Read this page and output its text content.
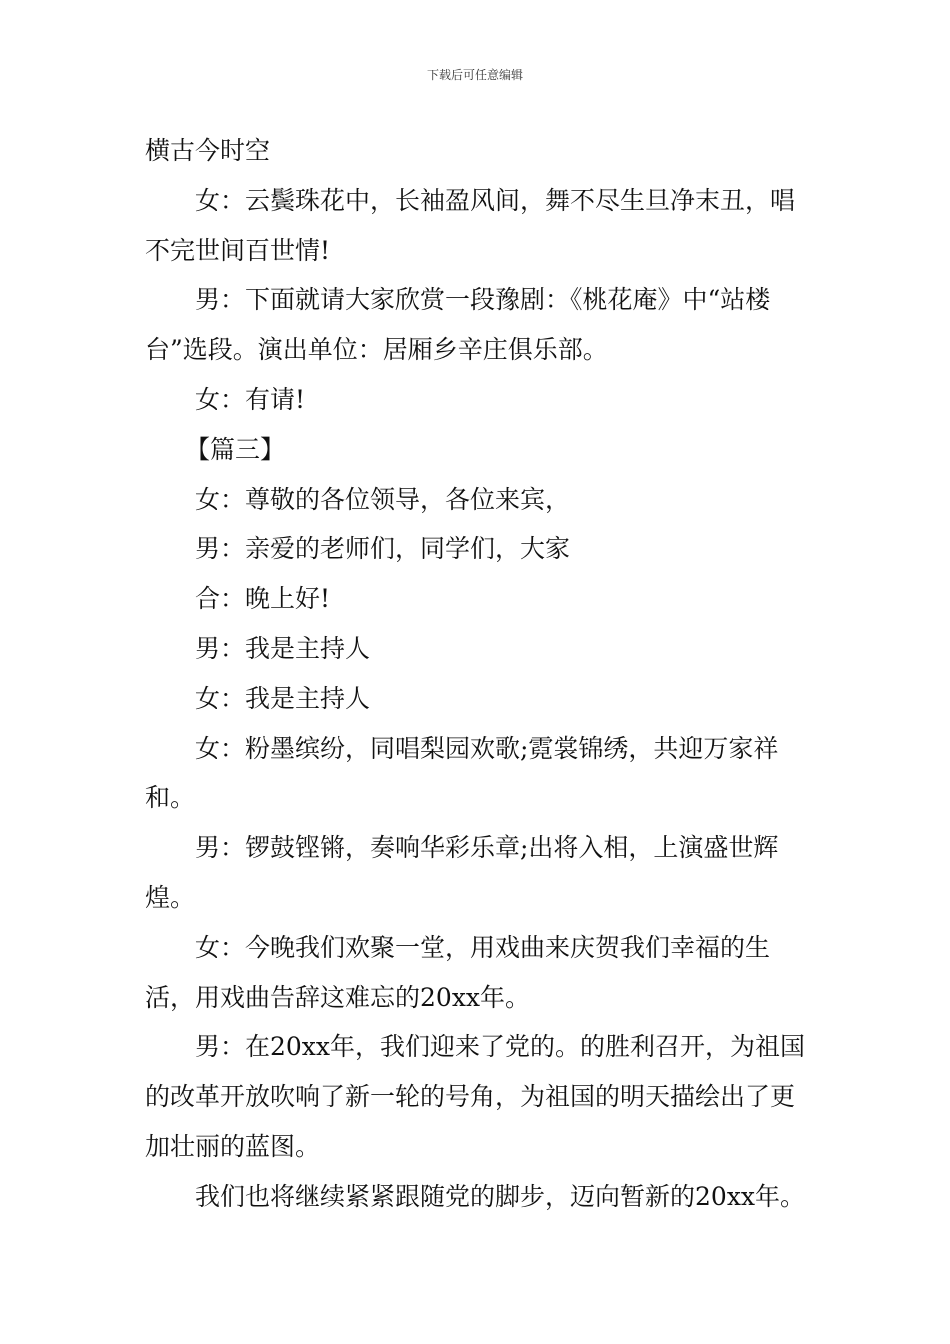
下载后可任意编辑

横古今时空

女：云鬓珠花中，长袖盈风间，舞不尽生旦净末丑，唱不完世间百世情!

男：下面就请大家欣赏一段豫剧：《桃花庵》中“站楼台”选段。演出单位：居厢乡辛庄俱乐部。

女：有请!

【篇三】

女：尊敬的各位领导，各位来宾，

男：亲爱的老师们，同学们，大家

合：晚上好!

男：我是主持人

女：我是主持人

女：粉墨缤纷，同唱梨园欢歌;霓裳锦绣，共迎万家祥和。

男：锣鼓铿锵，奏响华彩乐章;出将入相，上演盛世辉煌。

女：今晚我们欢聚一堂，用戏曲来庆贺我们幸福的生活，用戏曲告辞这难忘的20xx年。

男：在20xx年，我们迎来了党的。的胜利召开，为祖国的改革开放吹响了新一轮的号角，为祖国的明天描绘出了更加壮丽的蓝图。

我们也将继续紧紧跟随党的脚步，迈向暂新的20xx年。
